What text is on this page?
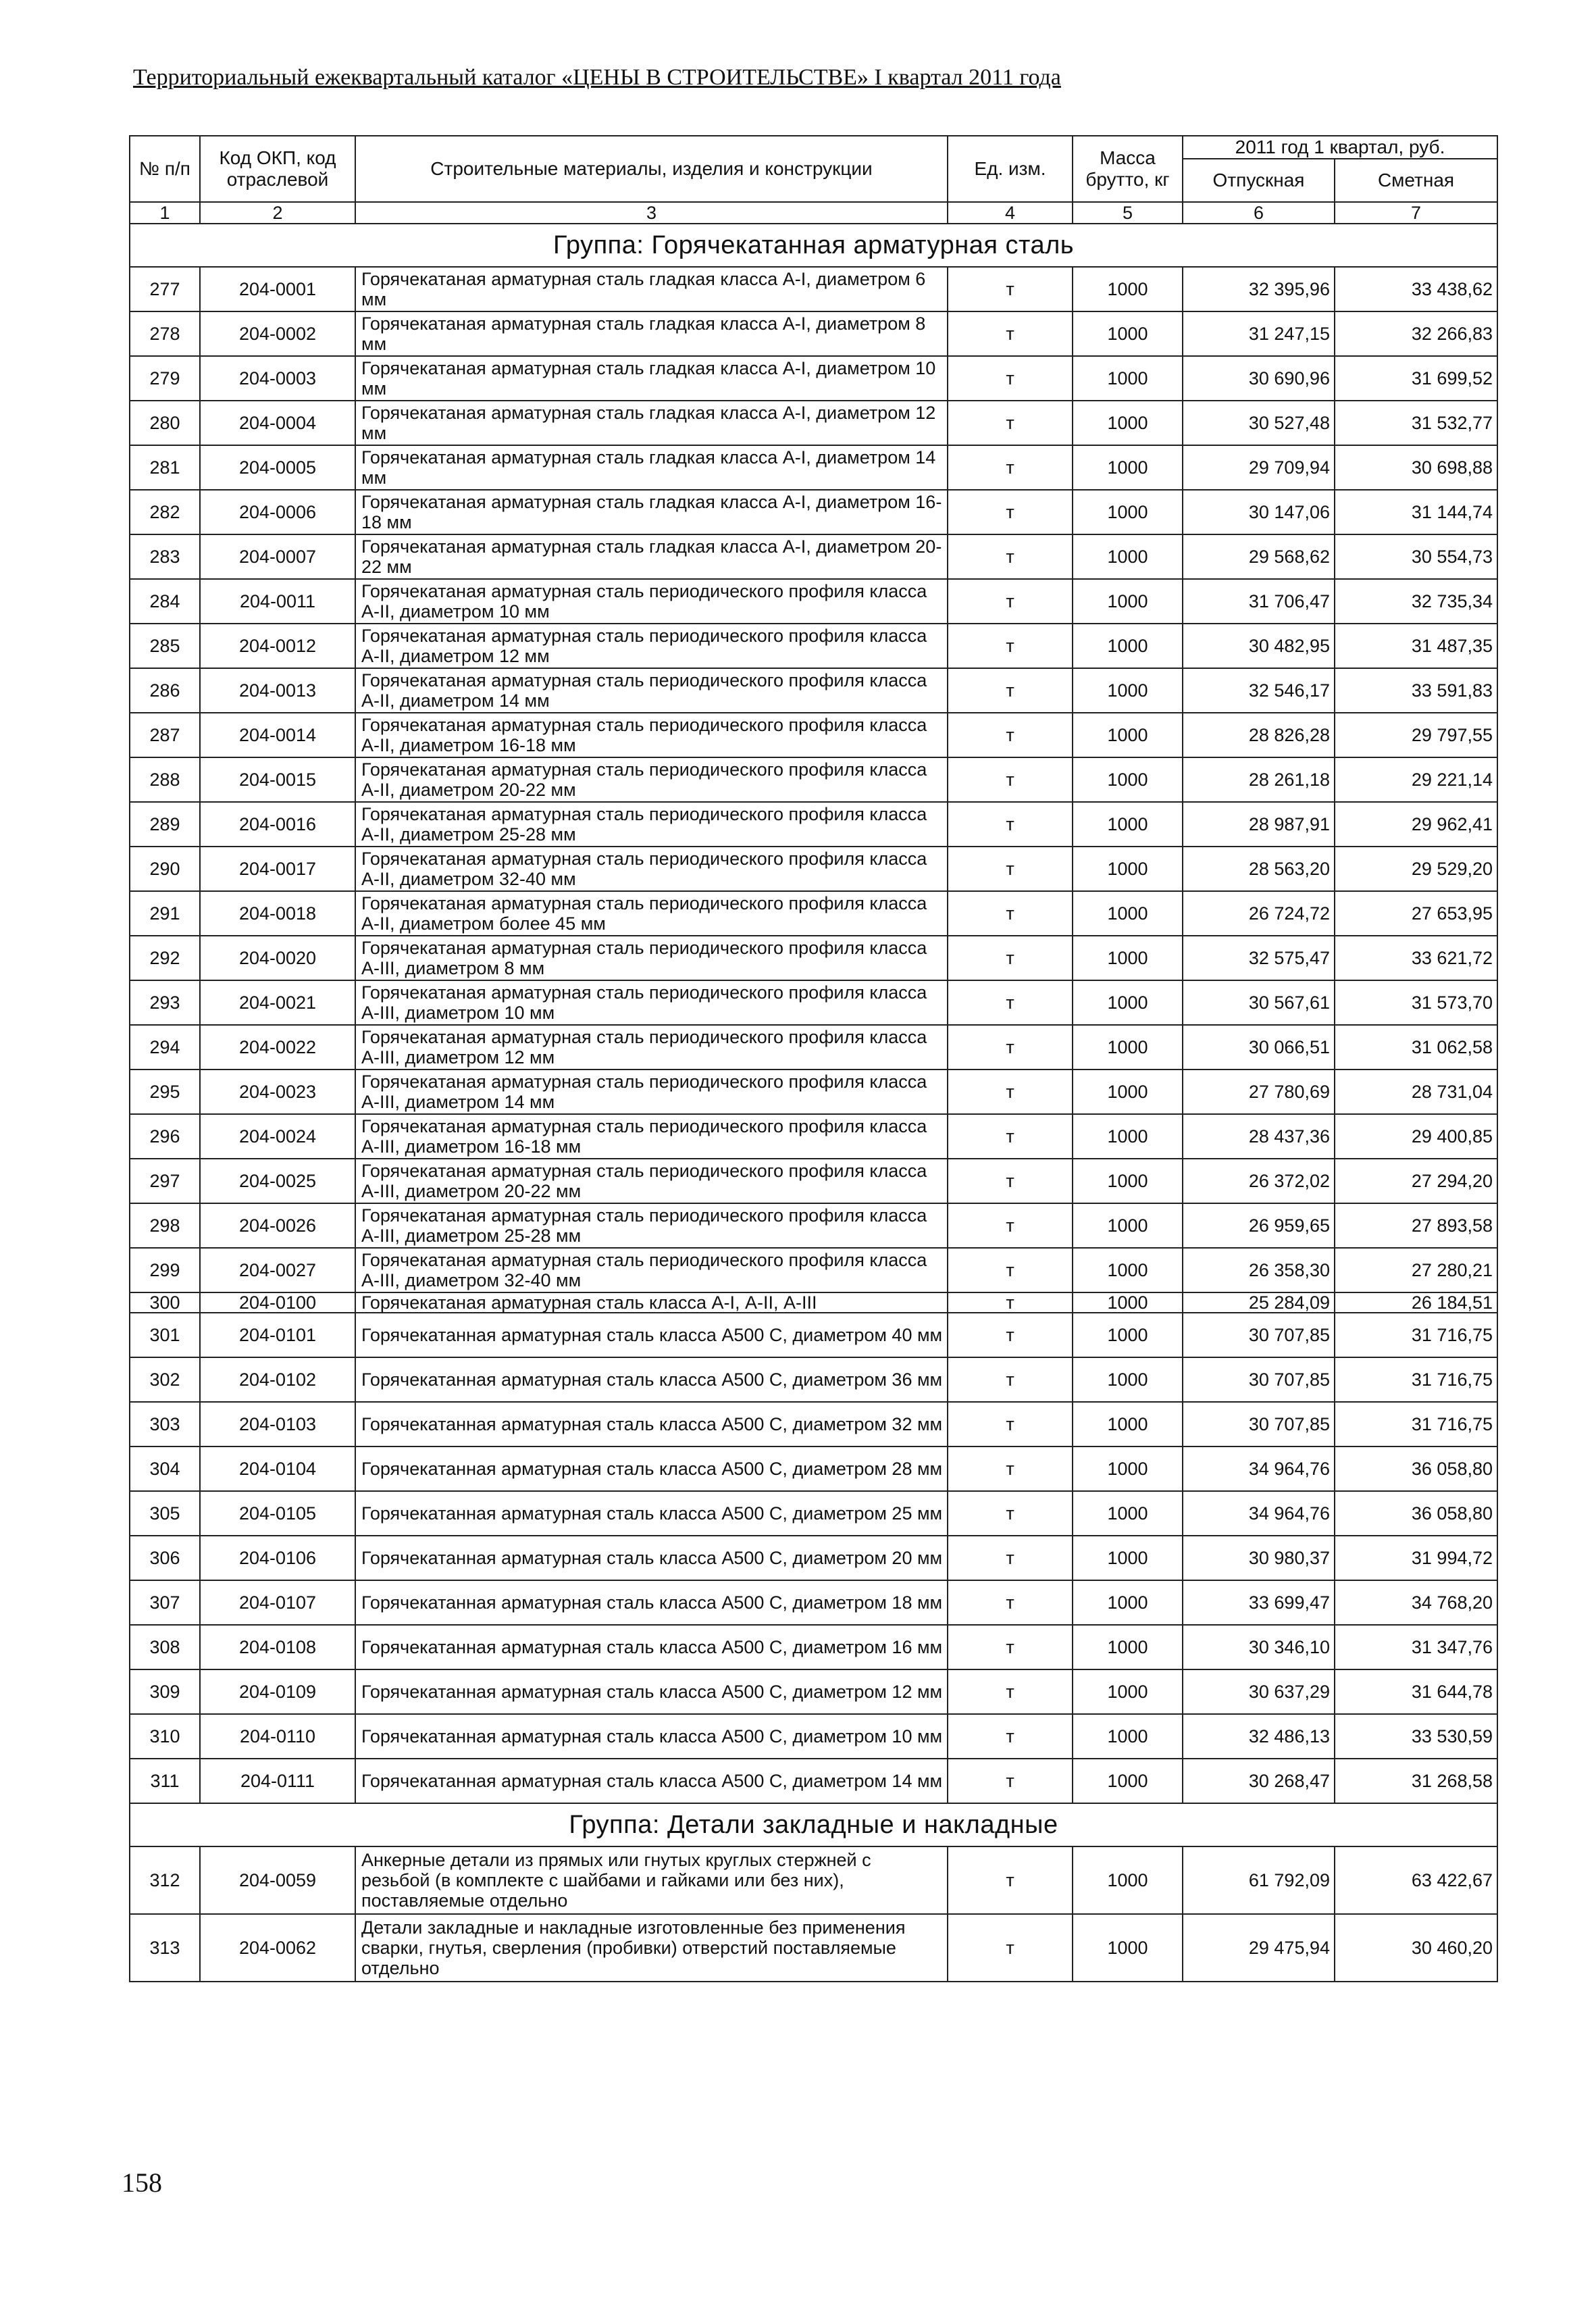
Территориальный ежеквартальный каталог «ЦЕНЫ В СТРОИТЕЛЬСТВЕ» I квартал 2011 года
№ п/п	Код ОКП, код отраслевой	Строительные материалы, изделия и конструкции	Ед. изм.	Масса брутто, кг	2011 год 1 квартал, руб.	
					Отпускная	Сметная
1	2	3	4	5	6	7
Группа: Горячекатанная арматурная сталь						
277	204-0001	Горячекатаная арматурная сталь гладкая класса А-I, диаметром 6 мм	т	1000	32 395,96	33 438,62
278	204-0002	Горячекатаная арматурная сталь гладкая класса А-I, диаметром 8 мм	т	1000	31 247,15	32 266,83
279	204-0003	Горячекатаная арматурная сталь гладкая класса А-I, диаметром 10 мм	т	1000	30 690,96	31 699,52
280	204-0004	Горячекатаная арматурная сталь гладкая класса А-I, диаметром 12 мм	т	1000	30 527,48	31 532,77
281	204-0005	Горячекатаная арматурная сталь гладкая класса А-I, диаметром 14 мм	т	1000	29 709,94	30 698,88
282	204-0006	Горячекатаная арматурная сталь гладкая класса А-I, диаметром 16-18 мм	т	1000	30 147,06	31 144,74
283	204-0007	Горячекатаная арматурная сталь гладкая класса А-I, диаметром 20-22 мм	т	1000	29 568,62	30 554,73
284	204-0011	Горячекатаная арматурная сталь периодического профиля класса А-II, диаметром 10 мм	т	1000	31 706,47	32 735,34
285	204-0012	Горячекатаная арматурная сталь периодического профиля класса А-II, диаметром 12 мм	т	1000	30 482,95	31 487,35
286	204-0013	Горячекатаная арматурная сталь периодического профиля класса А-II, диаметром 14 мм	т	1000	32 546,17	33 591,83
287	204-0014	Горячекатаная арматурная сталь периодического профиля класса А-II, диаметром 16-18 мм	т	1000	28 826,28	29 797,55
288	204-0015	Горячекатаная арматурная сталь периодического профиля класса А-II, диаметром 20-22 мм	т	1000	28 261,18	29 221,14
289	204-0016	Горячекатаная арматурная сталь периодического профиля класса А-II, диаметром 25-28 мм	т	1000	28 987,91	29 962,41
290	204-0017	Горячекатаная арматурная сталь периодического профиля класса А-II, диаметром 32-40 мм	т	1000	28 563,20	29 529,20
291	204-0018	Горячекатаная арматурная сталь периодического профиля класса А-II, диаметром более 45 мм	т	1000	26 724,72	27 653,95
292	204-0020	Горячекатаная арматурная сталь периодического профиля класса А-III, диаметром 8 мм	т	1000	32 575,47	33 621,72
293	204-0021	Горячекатаная арматурная сталь периодического профиля класса А-III, диаметром 10 мм	т	1000	30 567,61	31 573,70
294	204-0022	Горячекатаная арматурная сталь периодического профиля класса А-III, диаметром 12 мм	т	1000	30 066,51	31 062,58
295	204-0023	Горячекатаная арматурная сталь периодического профиля класса А-III, диаметром 14 мм	т	1000	27 780,69	28 731,04
296	204-0024	Горячекатаная арматурная сталь периодического профиля класса А-III, диаметром 16-18 мм	т	1000	28 437,36	29 400,85
297	204-0025	Горячекатаная арматурная сталь периодического профиля класса А-III, диаметром 20-22 мм	т	1000	26 372,02	27 294,20
298	204-0026	Горячекатаная арматурная сталь периодического профиля класса А-III, диаметром 25-28 мм	т	1000	26 959,65	27 893,58
299	204-0027	Горячекатаная арматурная сталь периодического профиля класса А-III, диаметром 32-40 мм	т	1000	26 358,30	27 280,21
300	204-0100	Горячекатаная арматурная сталь класса А-I, А-II, А-III	т	1000	25 284,09	26 184,51
301	204-0101	Горячекатанная арматурная сталь класса А500 С, диаметром 40 мм	т	1000	30 707,85	31 716,75
302	204-0102	Горячекатанная арматурная сталь класса А500 С, диаметром 36 мм	т	1000	30 707,85	31 716,75
303	204-0103	Горячекатанная арматурная сталь класса А500 С, диаметром 32 мм	т	1000	30 707,85	31 716,75
304	204-0104	Горячекатанная арматурная сталь класса А500 С, диаметром 28 мм	т	1000	34 964,76	36 058,80
305	204-0105	Горячекатанная арматурная сталь класса А500 С, диаметром 25 мм	т	1000	34 964,76	36 058,80
306	204-0106	Горячекатанная арматурная сталь класса А500 С, диаметром 20 мм	т	1000	30 980,37	31 994,72
307	204-0107	Горячекатанная арматурная сталь класса А500 С, диаметром 18 мм	т	1000	33 699,47	34 768,20
308	204-0108	Горячекатанная арматурная сталь класса А500 С, диаметром 16 мм	т	1000	30 346,10	31 347,76
309	204-0109	Горячекатанная арматурная сталь класса А500 С, диаметром 12 мм	т	1000	30 637,29	31 644,78
310	204-0110	Горячекатанная арматурная сталь класса А500 С, диаметром 10 мм	т	1000	32 486,13	33 530,59
311	204-0111	Горячекатанная арматурная сталь класса А500 С, диаметром 14 мм	т	1000	30 268,47	31 268,58
Группа: Детали закладные и накладные						
312	204-0059	Анкерные детали из прямых или гнутых круглых стержней с резьбой (в комплекте с шайбами и гайками или без них), поставляемые отдельно	т	1000	61 792,09	63 422,67
313	204-0062	Детали закладные и накладные изготовленные без применения сварки, гнутья, сверления (пробивки) отверстий поставляемые отдельно	т	1000	29 475,94	30 460,20
158
